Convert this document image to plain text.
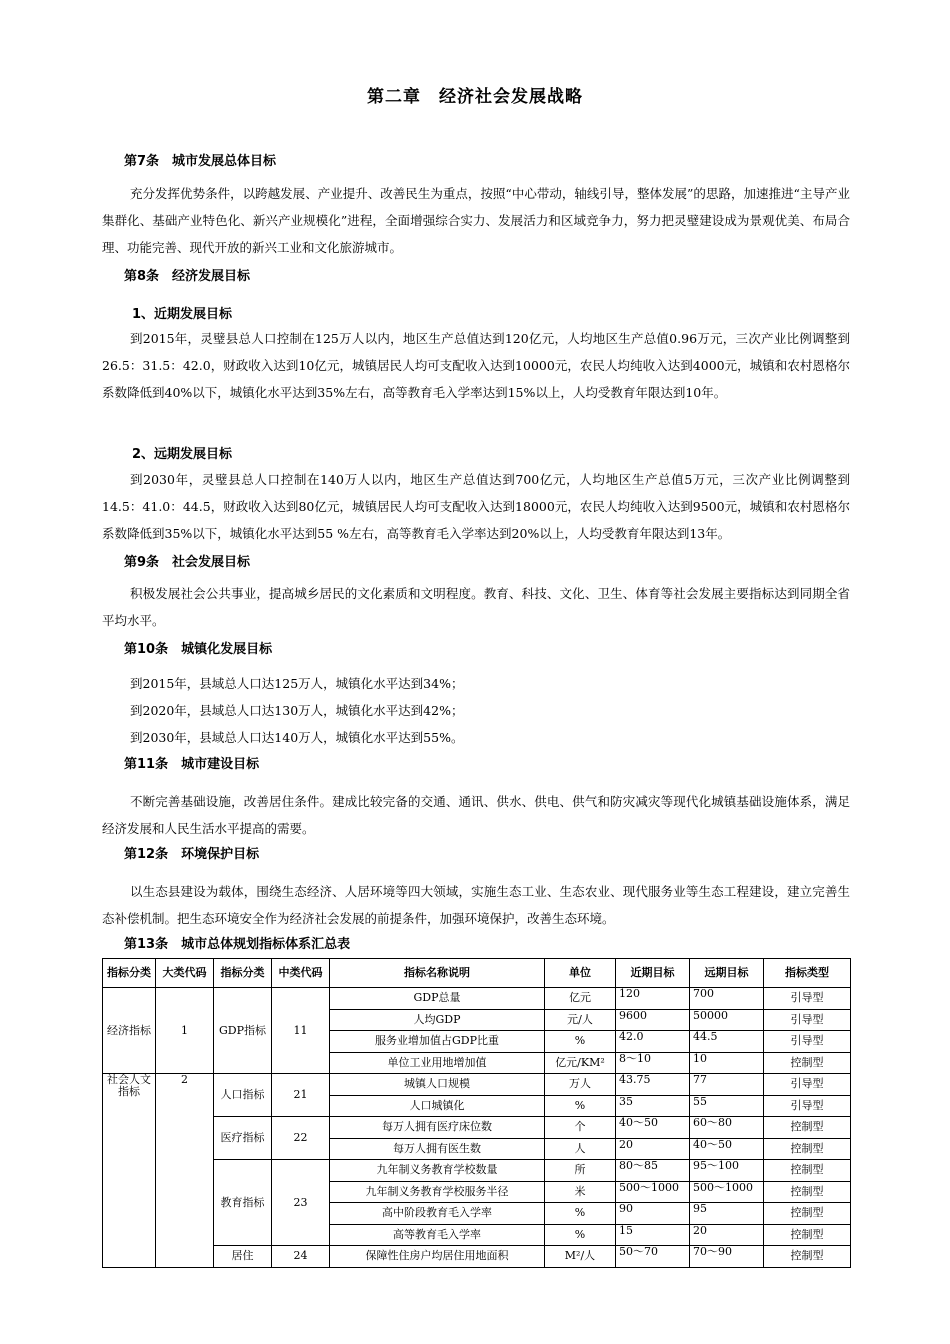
第二章　经济社会发展战略
第7条　城市发展总体目标
充分发挥优势条件，以跨越发展、产业提升、改善民生为重点，按照“中心带动，轴线引导，整体发展”的思路，加速推进“主导产业集群化、基础产业特色化、新兴产业规模化”进程，全面增强综合实力、发展活力和区域竞争力，努力把灵璧建设成为景观优美、布局合理、功能完善、现代开放的新兴工业和文化旅游城市。
第8条　经济发展目标
1、近期发展目标
到2015年，灵璧县总人口控制在125万人以内，地区生产总值达到120亿元，人均地区生产总值0.96万元，三次产业比例调整到26.5：31.5：42.0，财政收入达到10亿元，城镇居民人均可支配收入达到10000元，农民人均纯收入达到4000元，城镇和农村恩格尔系数降低到40%以下，城镇化水平达到35%左右，高等教育毛入学率达到15%以上，人均受教育年限达到10年。
2、远期发展目标
到2030年，灵璧县总人口控制在140万人以内，地区生产总值达到700亿元，人均地区生产总值5万元，三次产业比例调整到14.5：41.0：44.5，财政收入达到80亿元，城镇居民人均可支配收入达到18000元，农民人均纯收入达到9500元，城镇和农村恩格尔系数降低到35%以下，城镇化水平达到55 %左右，高等教育毛入学率达到20%以上，人均受教育年限达到13年。
第9条　社会发展目标
积极发展社会公共事业，提高城乡居民的文化素质和文明程度。教育、科技、文化、卫生、体育等社会发展主要指标达到同期全省平均水平。
第10条　城镇化发展目标
到2015年，县域总人口达125万人，城镇化水平达到34%；
到2020年，县域总人口达130万人，城镇化水平达到42%；
到2030年，县域总人口达140万人，城镇化水平达到55%。
第11条　城市建设目标
不断完善基础设施，改善居住条件。建成比较完备的交通、通讯、供水、供电、供气和防灾减灾等现代化城镇基础设施体系，满足经济发展和人民生活水平提高的需要。
第12条　环境保护目标
以生态县建设为载体，围绕生态经济、人居环境等四大领域，实施生态工业、生态农业、现代服务业等生态工程建设，建立完善生态补偿机制。把生态环境安全作为经济社会发展的前提条件，加强环境保护，改善生态环境。
第13条　城市总体规划指标体系汇总表
指标分类	大类代码	指标分类	中类代码	指标名称说明	单位	近期目标	远期目标	指标类型
经济指标	1	GDP指标	11	GDP总量	亿元	120	700	引导型
				人均GDP	元/人	9600	50000	引导型
				服务业增加值占GDP比重	%	42.0	44.5	引导型
				单位工业用地增加值	亿元/KM²	8～10	10	控制型
社会人文指标	2	人口指标	21	城镇人口规模	万人	43.75	77	引导型
				人口城镇化	%	35	55	引导型
		医疗指标	22	每万人拥有医疗床位数	个	40～50	60～80	控制型
				每万人拥有医生数	人	20	40～50	控制型
		教育指标	23	九年制义务教育学校数量	所	80～85	95～100	控制型
				九年制义务教育学校服务半径	米	500～1000	500～1000	控制型
				高中阶段教育毛入学率	%	90	95	控制型
				高等教育毛入学率	%	15	20	控制型
		居住	24	保障性住房户均居住用地面积	M²/人	50～70	70～90	控制型
